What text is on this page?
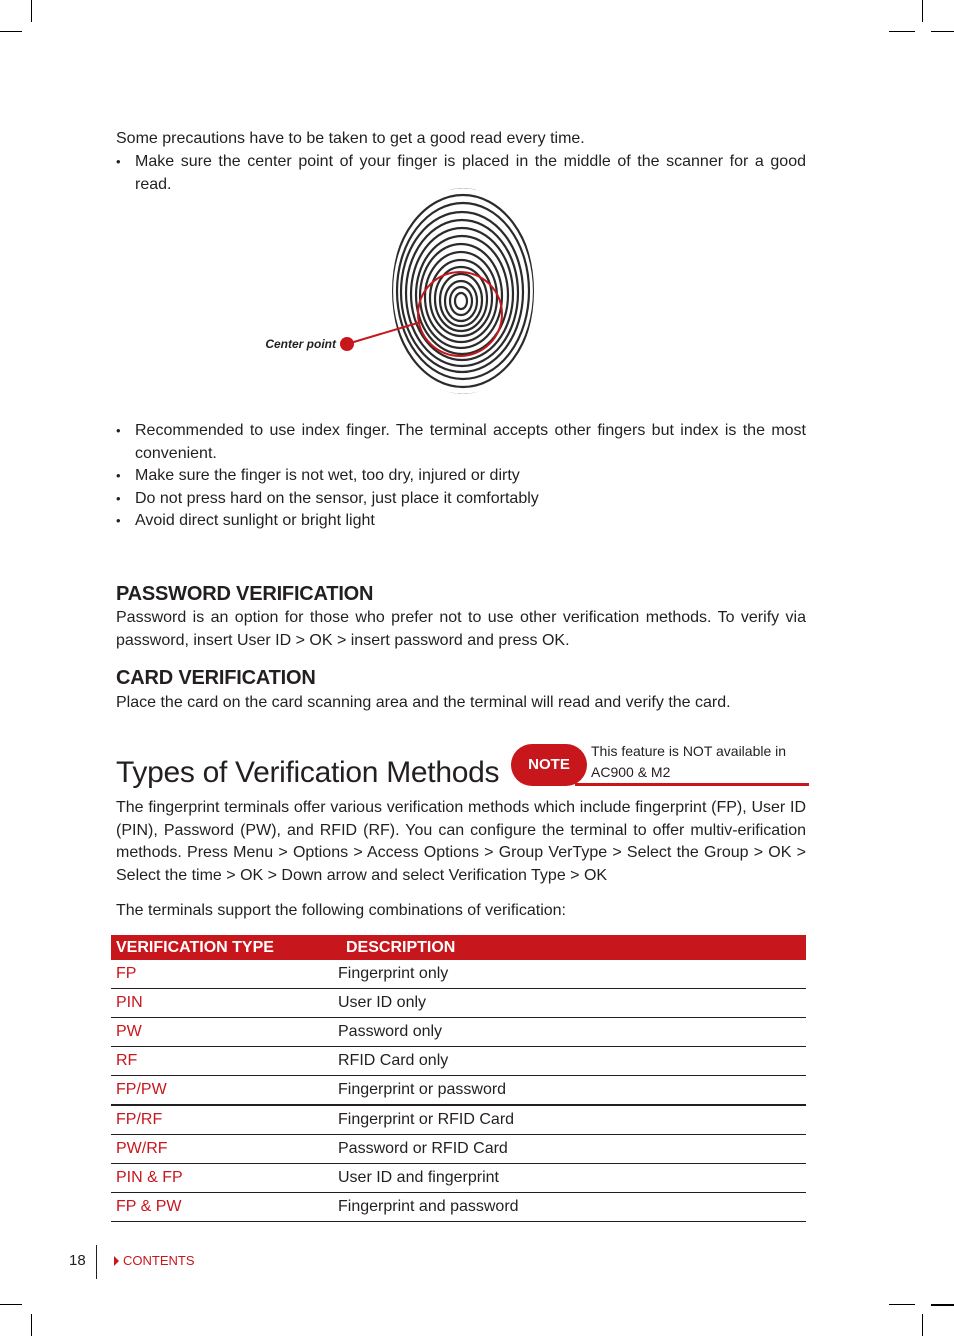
Some precautions have to be taken to get a good read every time.
• Make sure the center point of your finger is placed in the middle of the scanner for a good read.
Center point
• Recommended to use index finger. The terminal accepts other fingers but index is the most convenient.
• Make sure the finger is not wet, too dry, injured or dirty
• Do not press hard on the sensor, just place it comfortably
• Avoid direct sunlight or bright light
PASSWORD VERIFICATION
Password is an option for those who prefer not to use other verification methods. To verify via password, insert User ID > OK > insert password and press OK.
CARD VERIFICATION
Place the card on the card scanning area and the terminal will read and verify the card.
Types of Verification Methods	NOTE
This feature is NOT available in AC900 & M2
The fingerprint terminals offer various verification methods which include fingerprint (FP), User ID (PIN), Password (PW), and RFID (RF). You can configure the terminal to offer multiv-erification methods. Press Menu > Options > Access Options > Group VerType > Select the Group > OK > Select the time > OK > Down arrow and select Verification Type > OK
The terminals support the following combinations of verification:
VERIFICATION TYPE	DESCRIPTION
FP	Fingerprint only
PIN	User ID only
PW	Password only
RF	RFID Card only
FP/PW	Fingerprint or password
FP/RF	Fingerprint or RFID Card
PW/RF	Password or RFID Card
PIN & FP	User ID and fingerprint
FP & PW	Fingerprint and password
18	CONTENTS
